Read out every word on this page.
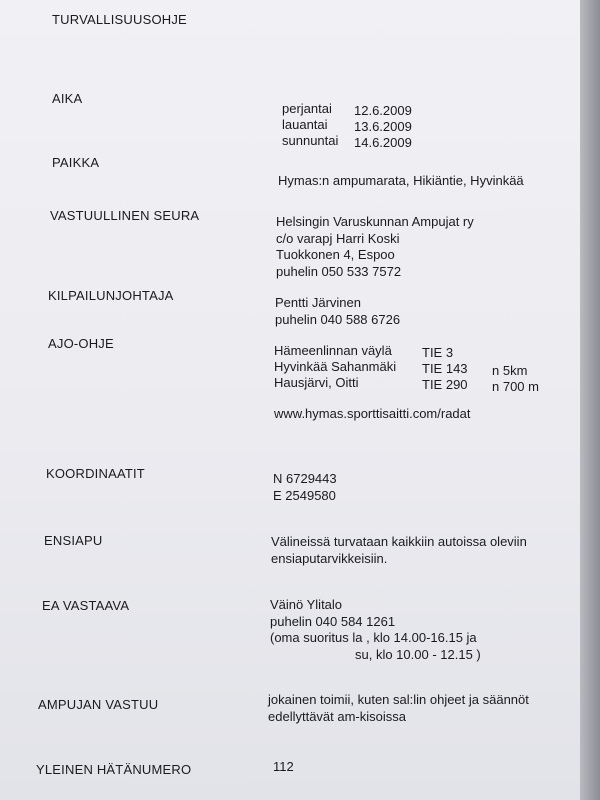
TURVALLISUUSOHJE
AIKA
perjantai 12.6.2009
lauantai 13.6.2009
sunnuntai 14.6.2009
PAIKKA
Hymas:n ampumarata, Hikiäntie, Hyvinkää
VASTUULLINEN SEURA	Helsingin Varuskunnan Ampujat ry
c/o varapj Harri Koski
Tuokkonen 4, Espoo
puhelin 050 533 7572
KILPAILUNJOHTAJA	Pentti Järvinen
puhelin 040 588 6726
AJO-OHJE	Hämeenlinnan väylä TIE 3
Hyvinkää Sahanmäki TIE 143 n 5km
Hausjärvi, Oitti	TIE 290 n 700 m
www.hymas.sporttisaitti.com/radat
KOORDINAATIT	N 6729443
E 2549580
ENSIAPU	Välineissä turvataan kaikkiin autoissa oleviin
ensiaputarvikkeisiin.
EA VASTAAVA	Väinö Ylitalo
puhelin 040 584 1261
(oma suoritus la , klo 14.00-16.15 ja
su, klo 10.00 - 12.15 )
AMPUJAN VASTUU	jokainen toimii, kuten sal:lin ohjeet ja säännöt
edellyttävät am-kisoissa
YLEINEN HÄTÄNUMERO	112
